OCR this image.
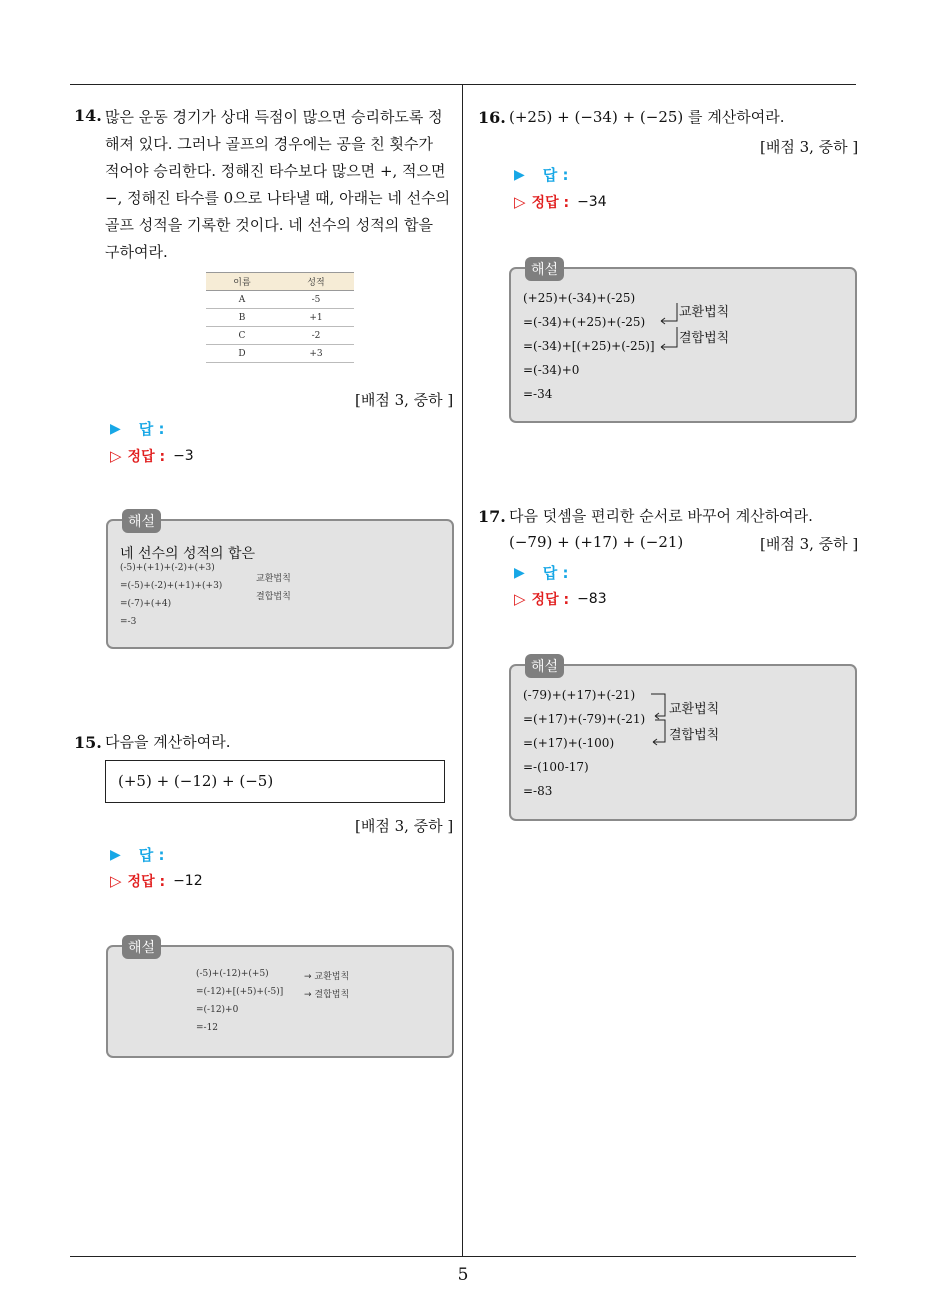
5
14. 많은 운동 경기가 상대 득점이 많으면 승리하도록 정
해져 있다. 그러나 골프의 경우에는 공을 친 횟수가
적어야 승리한다. 정해진 타수보다 많으면 +, 적으면
−, 정해진 타수를 0으로 나타낼 때, 아래는 네 선수의
골프 성적을 기록한 것이다. 네 선수의 성적의 합을
구하여라.
이름	성적
A	-5
B	+1
C	-2
D	+3
[배점 3, 중하 ]
▶ 답 :
▷ 정답 : −3
해설
네 선수의 성적의 합은
(-5)+(+1)+(-2)+(+3)
=(-5)+(-2)+(+1)+(+3)
=(-7)+(+4)
=-3
교환법칙
결합법칙
15. 다음을 계산하여라.
(+5) + (−12) + (−5)
[배점 3, 중하 ]
▶ 답 :
▷ 정답 : −12
해설
(-5)+(-12)+(+5)
=(-12)+[(+5)+(-5)]
=(-12)+0
=-12
→ 교환법칙
→ 결합법칙
16. (+25) + (−34) + (−25) 를 계산하여라.
[배점 3, 중하 ]
▶ 답 :
▷ 정답 : −34
해설
(+25)+(-34)+(-25)
=(-34)+(+25)+(-25)
=(-34)+[(+25)+(-25)]
=(-34)+0
=-34
교환법칙
결합법칙
17. 다음 덧셈을 편리한 순서로 바꾸어 계산하여라.
(−79) + (+17) + (−21)	[배점 3, 중하 ]
▶ 답 :
▷ 정답 : −83
해설
(-79)+(+17)+(-21)
=(+17)+(-79)+(-21)
=(+17)+(-100)
=-(100-17)
=-83
교환법칙
결합법칙
